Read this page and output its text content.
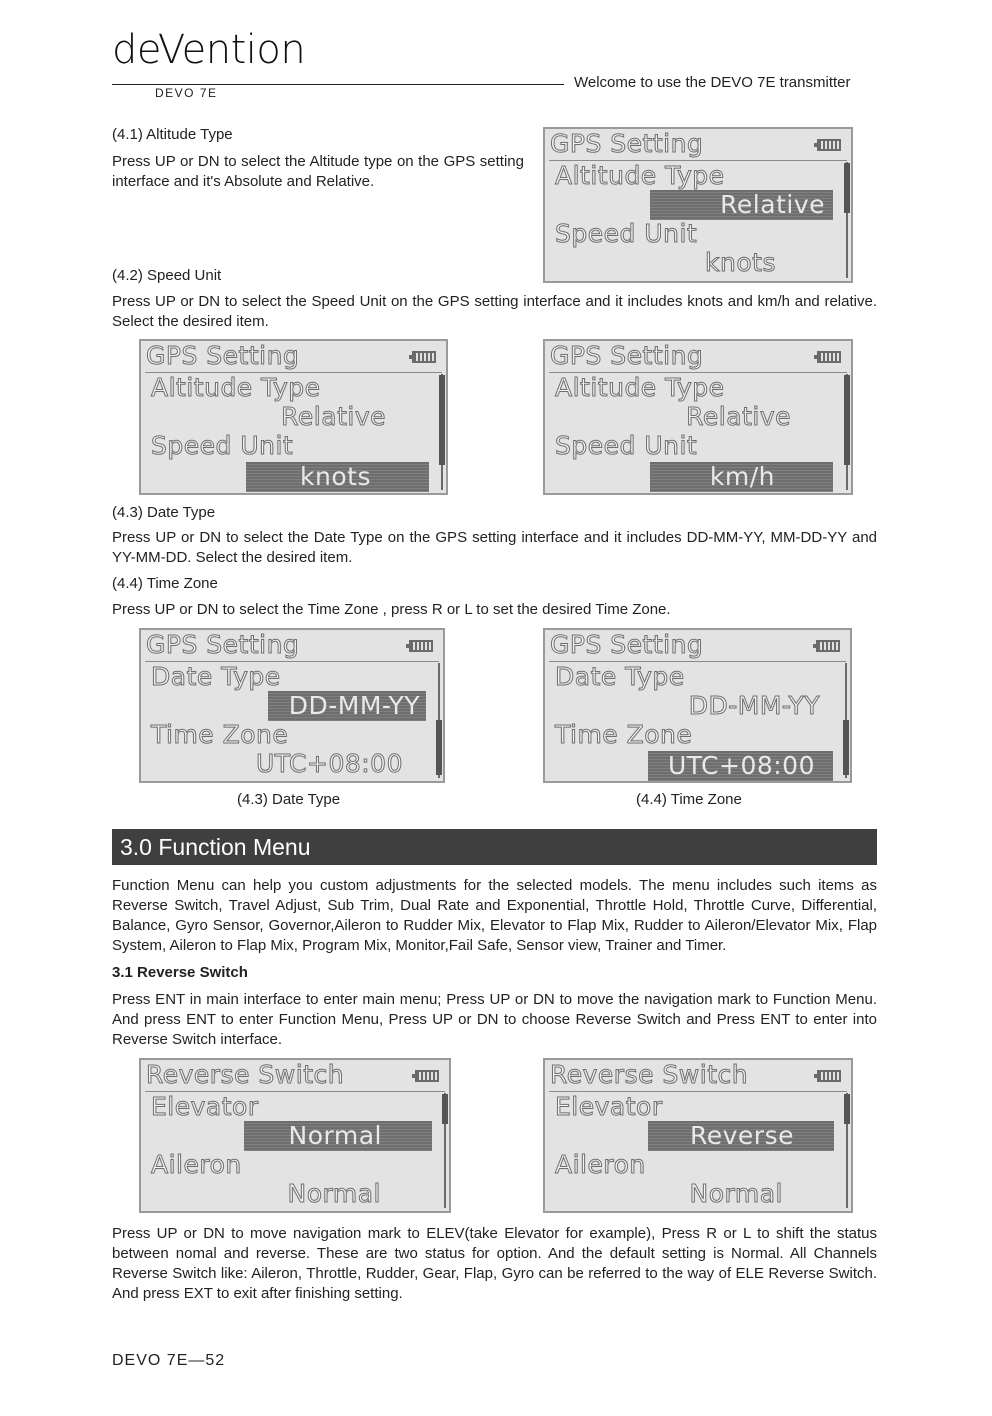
deVention
DEVO 7E
Welcome to use the DEVO 7E transmitter
(4.1) Altitude Type
Press UP or DN to select the Altitude type on the GPS setting interface and it's Absolute and Relative.
GPS Setting
Altitude Type
Relative
Speed Unit
knots
(4.2) Speed Unit
Press UP or DN to select the Speed Unit on the GPS setting interface and it includes knots and km/h and relative. Select the desired item.
GPS Setting
Altitude Type
Relative
Speed Unit
knots
GPS Setting
Altitude Type
Relative
Speed Unit
km/h
(4.3) Date Type
Press UP or DN to select the Date Type on the GPS setting interface and it includes DD-MM-YY, MM-DD-YY and YY-MM-DD. Select the desired item.
(4.4) Time Zone
Press UP or DN to select the Time Zone , press R or L to set the desired Time Zone.
GPS Setting
Date Type
DD-MM-YY
Time Zone
UTC+08:00
GPS Setting
Date Type
DD-MM-YY
Time Zone
UTC+08:00
(4.3) Date Type	(4.4) Time Zone
3.0 Function Menu
Function Menu can help you custom adjustments for the selected models. The menu includes such items as Reverse Switch, Travel Adjust, Sub Trim, Dual Rate and Exponential, Throttle Hold, Throttle Curve, Differential, Balance, Gyro Sensor, Governor,Aileron to Rudder Mix, Elevator to Flap Mix, Rudder to Aileron/Elevator Mix, Flap System, Aileron to Flap Mix, Program Mix, Monitor,Fail Safe, Sensor view, Trainer and Timer.
3.1 Reverse Switch
Press ENT in main interface to enter main menu; Press UP or DN to move the navigation mark to Function Menu. And press ENT to enter Function Menu, Press UP or DN to choose Reverse Switch and Press ENT to enter into Reverse Switch interface.
Reverse Switch
Elevator
Normal
Aileron
Normal
Reverse Switch
Elevator
Reverse
Aileron
Normal
Press UP or DN to move navigation mark to ELEV(take Elevator for example), Press R or L to shift the status between nomal and reverse. These are two status for option. And the default setting is Normal. All Channels Reverse Switch like: Aileron, Throttle, Rudder, Gear, Flap, Gyro can be referred to the way of ELE Reverse Switch. And press EXT to exit after finishing setting.
DEVO 7E—52
